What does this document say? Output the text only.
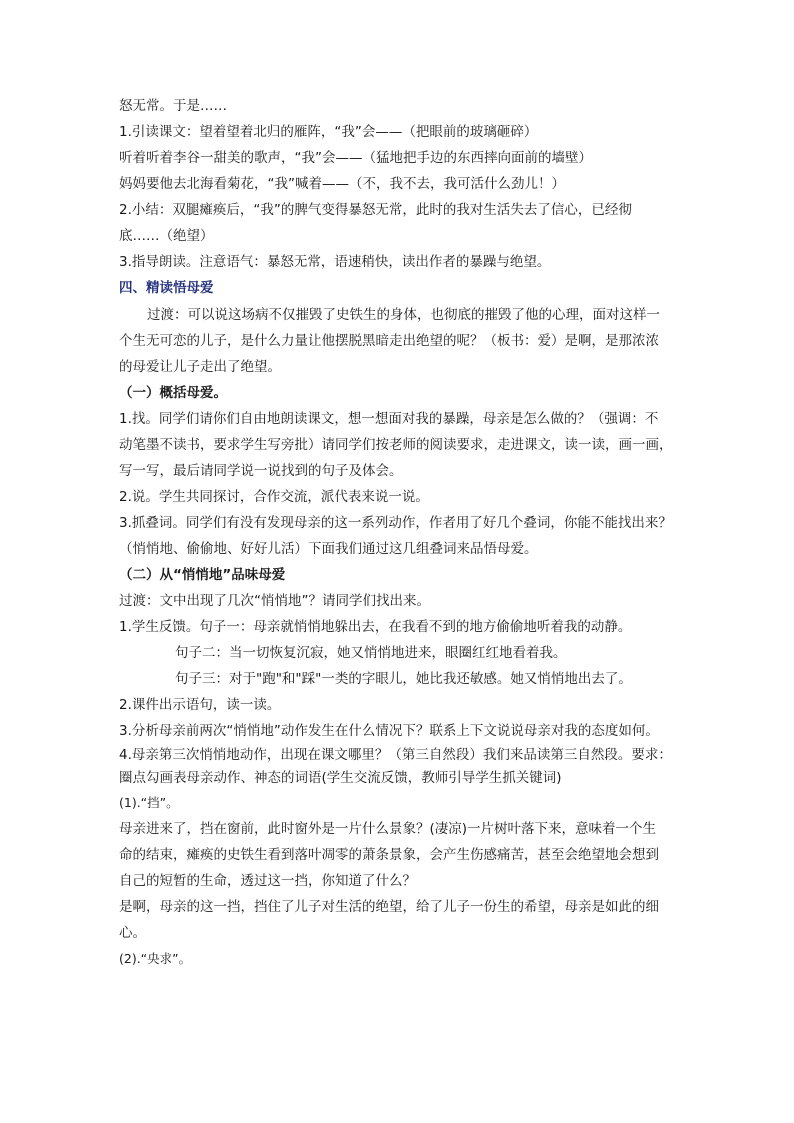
怒无常。于是……

1.引读课文：望着望着北归的雁阵，“我”会——（把眼前的玻璃砸碎）

听着听着李谷一甜美的歌声，“我”会——（猛地把手边的东西摔向面前的墙壁）

妈妈要他去北海看菊花，“我”喊着——（不，我不去，我可活什么劲儿！）

2.小结：双腿瘫痪后，“我”的脾气变得暴怒无常，此时的我对生活失去了信心，已经彻

底……（绝望）

3.指导朗读。注意语气：暴怒无常，语速稍快，读出作者的暴躁与绝望。

四、精读悟母爱

过渡：可以说这场病不仅摧毁了史铁生的身体，也彻底的摧毁了他的心理，面对这样一

个生无可恋的儿子，是什么力量让他摆脱黑暗走出绝望的呢？（板书：爱）是啊，是那浓浓

的母爱让儿子走出了绝望。

（一）概括母爱。

1.找。同学们请你们自由地朗读课文，想一想面对我的暴躁，母亲是怎么做的？（强调：不

动笔墨不读书，要求学生写旁批）请同学们按老师的阅读要求，走进课文，读一读，画一画，

写一写，最后请同学说一说找到的句子及体会。

2.说。学生共同探讨，合作交流，派代表来说一说。

3.抓叠词。同学们有没有发现母亲的这一系列动作，作者用了好几个叠词，你能不能找出来？

（悄悄地、偷偷地、好好儿活）下面我们通过这几组叠词来品悟母爱。

（二）从“悄悄地”品味母爱

过渡：文中出现了几次“悄悄地”？请同学们找出来。

1.学生反馈。句子一：母亲就悄悄地躲出去，在我看不到的地方偷偷地听着我的动静。

句子二：当一切恢复沉寂，她又悄悄地进来，眼圈红红地看着我。

句子三：对于"跑"和"踩"一类的字眼儿，她比我还敏感。她又悄悄地出去了。

2.课件出示语句，读一读。

3.分析母亲前两次“悄悄地”动作发生在什么情况下？联系上下文说说母亲对我的态度如何。

4.母亲第三次悄悄地动作，出现在课文哪里？（第三自然段）我们来品读第三自然段。要求：

圈点勾画表母亲动作、神态的词语(学生交流反馈，教师引导学生抓关键词)

(1).“挡”。

母亲进来了，挡在窗前，此时窗外是一片什么景象？(凄凉)一片树叶落下来，意味着一个生

命的结束，瘫痪的史铁生看到落叶凋零的萧条景象，会产生伤感痛苦，甚至会绝望地会想到

自己的短暂的生命，透过这一挡，你知道了什么？

是啊，母亲的这一挡，挡住了儿子对生活的绝望，给了儿子一份生的希望，母亲是如此的细

心。

(2).“央求”。
